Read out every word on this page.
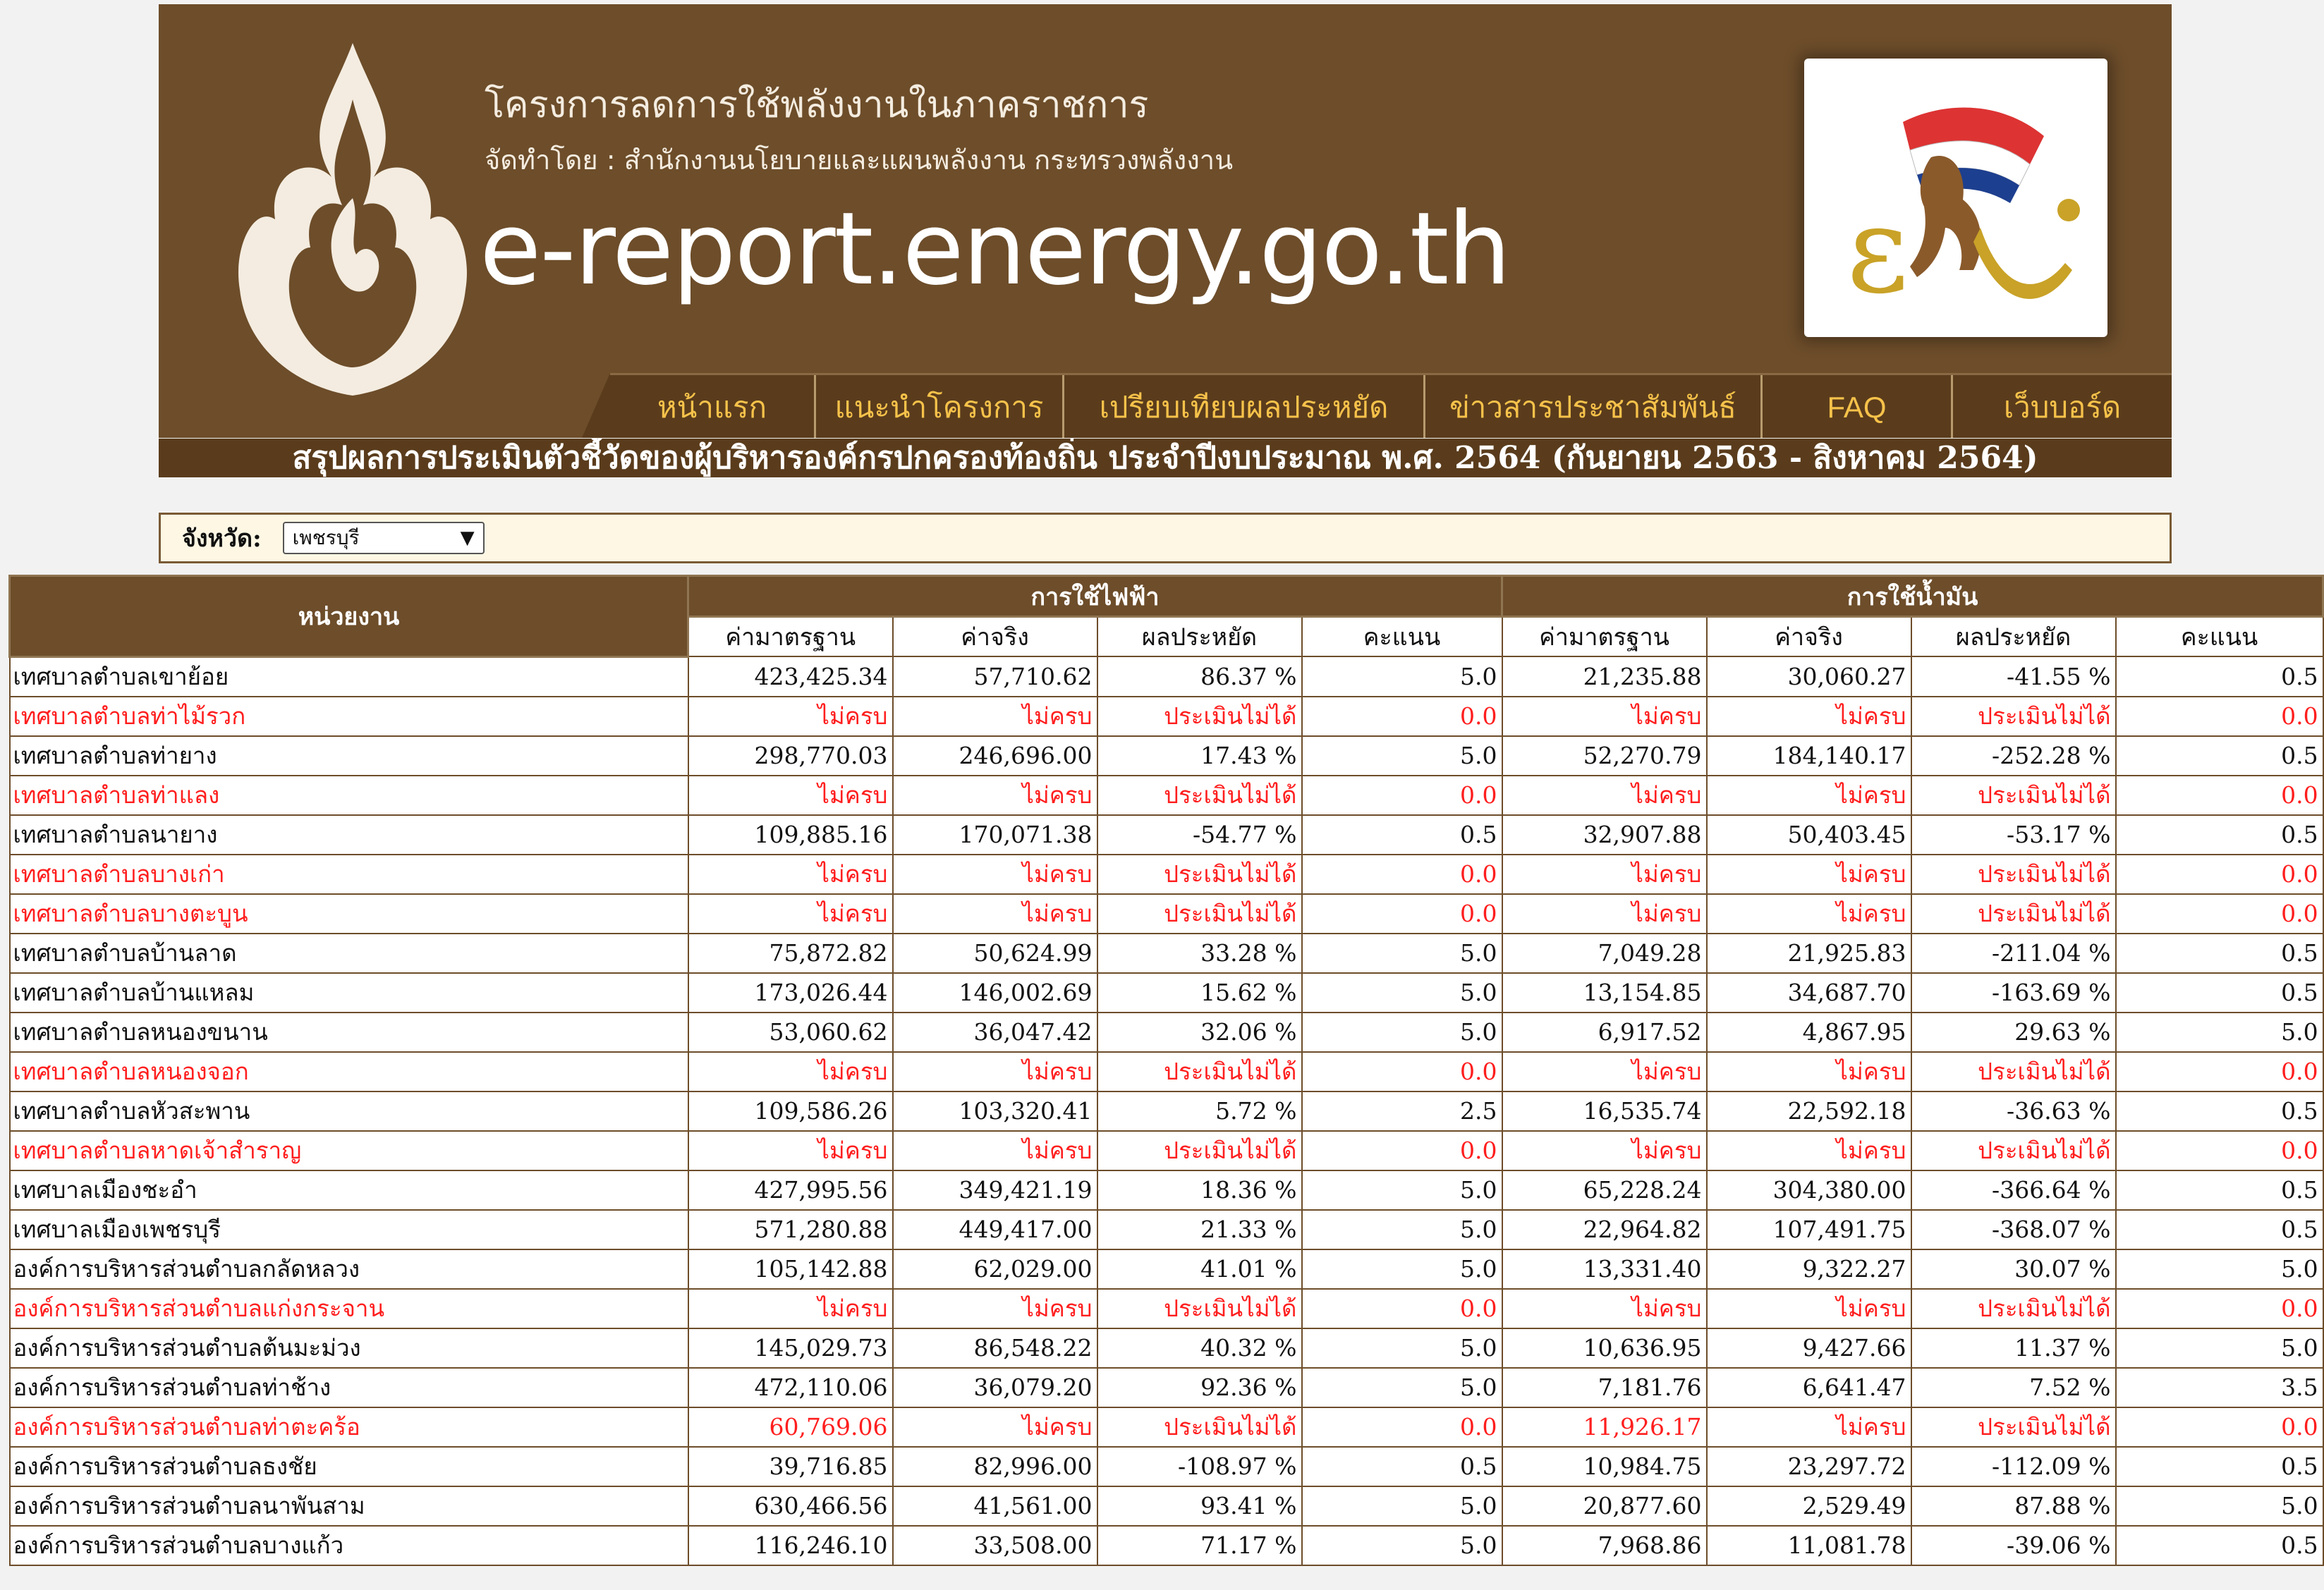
โครงการลดการใช้พลังงานในภาคราชการ
จัดทำโดย : สำนักงานนโยบายและแผนพลังงาน กระทรวงพลังงาน
e-report.energy.go.th	ε
หน้าแรก	แนะนำโครงการ	เปรียบเทียบผลประหยัด	ข่าวสารประชาสัมพันธ์	FAQ	เว็บบอร์ด
สรุปผลการประเมินตัวชี้วัดของผู้บริหารองค์กรปกครองท้องถิ่น ประจำปีงบประมาณ พ.ศ. 2564 (กันยายน 2563 - สิงหาคม 2564)
จังหวัด: เพชรบุรี	▼
หน่วยงาน	การใช้ไฟฟ้า				การใช้น้ำมัน			
	ค่ามาตรฐาน	ค่าจริง	ผลประหยัด	คะแนน	ค่ามาตรฐาน	ค่าจริง	ผลประหยัด	คะแนน
เทศบาลตำบลเขาย้อย	423,425.34	57,710.62	86.37 %	5.0	21,235.88	30,060.27	-41.55 %	0.5
เทศบาลตำบลท่าไม้รวก	ไม่ครบ	ไม่ครบ	ประเมินไม่ได้	0.0	ไม่ครบ	ไม่ครบ	ประเมินไม่ได้	0.0
เทศบาลตำบลท่ายาง	298,770.03	246,696.00	17.43 %	5.0	52,270.79	184,140.17	-252.28 %	0.5
เทศบาลตำบลท่าแลง	ไม่ครบ	ไม่ครบ	ประเมินไม่ได้	0.0	ไม่ครบ	ไม่ครบ	ประเมินไม่ได้	0.0
เทศบาลตำบลนายาง	109,885.16	170,071.38	-54.77 %	0.5	32,907.88	50,403.45	-53.17 %	0.5
เทศบาลตำบลบางเก่า	ไม่ครบ	ไม่ครบ	ประเมินไม่ได้	0.0	ไม่ครบ	ไม่ครบ	ประเมินไม่ได้	0.0
เทศบาลตำบลบางตะบูน	ไม่ครบ	ไม่ครบ	ประเมินไม่ได้	0.0	ไม่ครบ	ไม่ครบ	ประเมินไม่ได้	0.0
เทศบาลตำบลบ้านลาด	75,872.82	50,624.99	33.28 %	5.0	7,049.28	21,925.83	-211.04 %	0.5
เทศบาลตำบลบ้านแหลม	173,026.44	146,002.69	15.62 %	5.0	13,154.85	34,687.70	-163.69 %	0.5
เทศบาลตำบลหนองขนาน	53,060.62	36,047.42	32.06 %	5.0	6,917.52	4,867.95	29.63 %	5.0
เทศบาลตำบลหนองจอก	ไม่ครบ	ไม่ครบ	ประเมินไม่ได้	0.0	ไม่ครบ	ไม่ครบ	ประเมินไม่ได้	0.0
เทศบาลตำบลหัวสะพาน	109,586.26	103,320.41	5.72 %	2.5	16,535.74	22,592.18	-36.63 %	0.5
เทศบาลตำบลหาดเจ้าสำราญ	ไม่ครบ	ไม่ครบ	ประเมินไม่ได้	0.0	ไม่ครบ	ไม่ครบ	ประเมินไม่ได้	0.0
เทศบาลเมืองชะอำ	427,995.56	349,421.19	18.36 %	5.0	65,228.24	304,380.00	-366.64 %	0.5
เทศบาลเมืองเพชรบุรี	571,280.88	449,417.00	21.33 %	5.0	22,964.82	107,491.75	-368.07 %	0.5
องค์การบริหารส่วนตำบลกลัดหลวง	105,142.88	62,029.00	41.01 %	5.0	13,331.40	9,322.27	30.07 %	5.0
องค์การบริหารส่วนตำบลแก่งกระจาน	ไม่ครบ	ไม่ครบ	ประเมินไม่ได้	0.0	ไม่ครบ	ไม่ครบ	ประเมินไม่ได้	0.0
องค์การบริหารส่วนตำบลต้นมะม่วง	145,029.73	86,548.22	40.32 %	5.0	10,636.95	9,427.66	11.37 %	5.0
องค์การบริหารส่วนตำบลท่าช้าง	472,110.06	36,079.20	92.36 %	5.0	7,181.76	6,641.47	7.52 %	3.5
องค์การบริหารส่วนตำบลท่าตะคร้อ	60,769.06	ไม่ครบ	ประเมินไม่ได้	0.0	11,926.17	ไม่ครบ	ประเมินไม่ได้	0.0
องค์การบริหารส่วนตำบลธงชัย	39,716.85	82,996.00	-108.97 %	0.5	10,984.75	23,297.72	-112.09 %	0.5
องค์การบริหารส่วนตำบลนาพันสาม	630,466.56	41,561.00	93.41 %	5.0	20,877.60	2,529.49	87.88 %	5.0
องค์การบริหารส่วนตำบลบางแก้ว	116,246.10	33,508.00	71.17 %	5.0	7,968.86	11,081.78	-39.06 %	0.5
